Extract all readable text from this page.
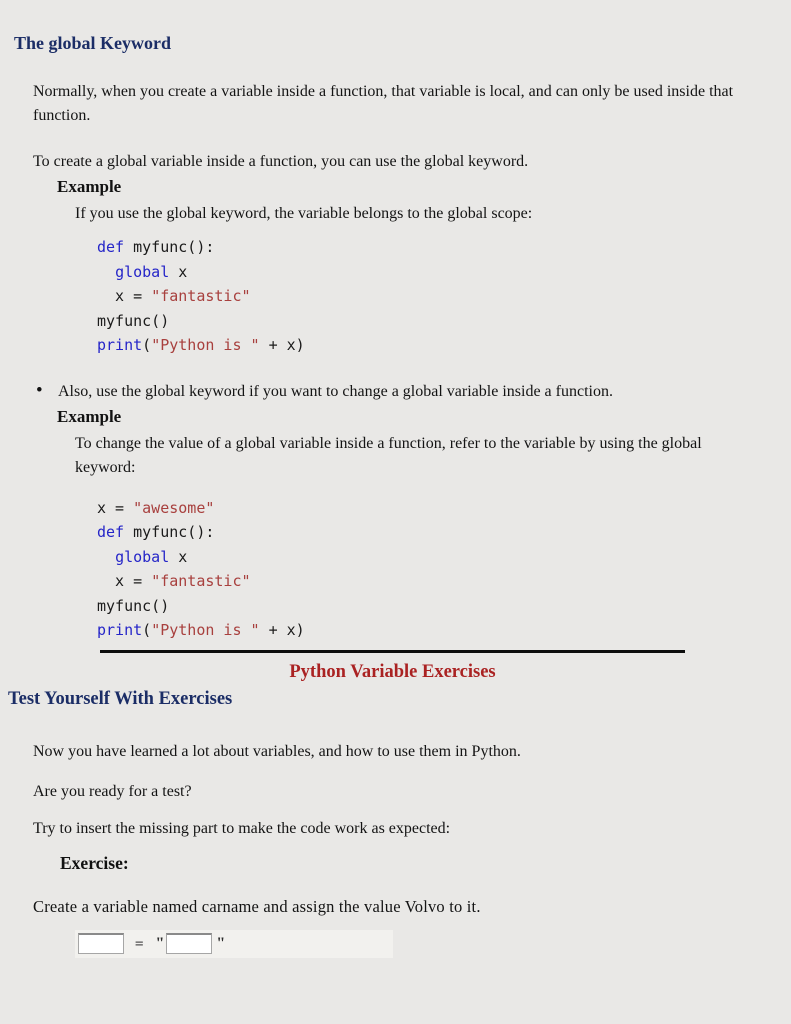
The global Keyword

Normally, when you create a variable inside a function, that variable is local, and can only be used inside that function.

To create a global variable inside a function, you can use the global keyword.

Example

If you use the global keyword, the variable belongs to the global scope:

def myfunc():
global x
x = "fantastic"
myfunc()
print("Python is " + x)
• Also, use the global keyword if you want to change a global variable inside a function.
Example

To change the value of a global variable inside a function, refer to the variable by using the global keyword:

x = "awesome"
def myfunc():
global x
x = "fantastic"
myfunc()
print("Python is " + x)
Python Variable Exercises
Test Yourself With Exercises

Now you have learned a lot about variables, and how to use them in Python.

Are you ready for a test?

Try to insert the missing part to make the code work as expected:

Exercise:

Create a variable named carname and assign the value Volvo to it.

= "	"
